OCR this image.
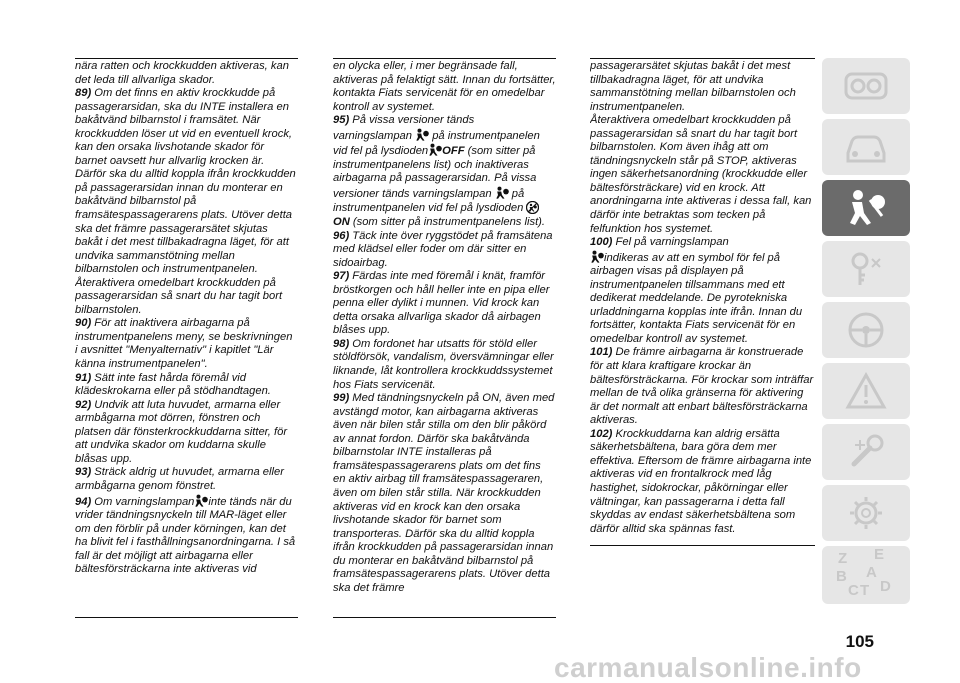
nära ratten och krockkudden aktiveras, kan det leda till allvarliga skador.

89) Om det finns en aktiv krockkudde på passagerarsidan, ska du INTE installera en bakåtvänd bilbarnstol i framsätet. När krockkudden löser ut vid en eventuell krock, kan den orsaka livshotande skador för barnet oavsett hur allvarlig krocken är. Därför ska du alltid koppla ifrån krockkudden på passagerarsidan innan du monterar en bakåtvänd bilbarnstol på framsätespassagerarens plats. Utöver detta ska det främre passagerarsätet skjutas bakåt i det mest tillbakadragna läget, för att undvika sammanstötning mellan bilbarnstolen och instrumentpanelen.

Återaktivera omedelbart krockkudden på passagerarsidan så snart du har tagit bort bilbarnstolen.

90) För att inaktivera airbagarna på instrumentpanelens meny, se beskrivningen i avsnittet "Menyalternativ" i kapitlet "Lär känna instrumentpanelen".

91) Sätt inte fast hårda föremål vid klädeskrokarna eller på stödhandtagen.

92) Undvik att luta huvudet, armarna eller armbågarna mot dörren, fönstren och platsen där fönsterkrockkuddarna sitter, för att undvika skador om kuddarna skulle blåsas upp.

93) Sträck aldrig ut huvudet, armarna eller armbågarna genom fönstret.

94) Om varningslampan inte tänds när du vrider tändningsnyckeln till MAR-läget eller om den förblir på under körningen, kan det ha blivit fel i fasthållningsanordningarna. I så fall är det möjligt att airbagarna eller bältesförsträckarna inte aktiveras vid

en olycka eller, i mer begränsade fall, aktiveras på felaktigt sätt. Innan du fortsätter, kontakta Fiats servicenät för en omedelbar kontroll av systemet.

95) På vissa versioner tänds varningslampan på instrumentpanelen vid fel på lysdioden OFF (som sitter på instrumentpanelens list) och inaktiveras airbagarna på passagerarsidan. På vissa versioner tänds varningslampan på instrumentpanelen vid fel på lysdioden

ON (som sitter på instrumentpanelens list).

96) Täck inte över ryggstödet på framsätena med klädsel eller foder om där sitter en sidoairbag.

97) Färdas inte med föremål i knät, framför bröstkorgen och håll heller inte en pipa eller penna eller dylikt i munnen. Vid krock kan detta orsaka allvarliga skador då airbagen blåses upp.

98) Om fordonet har utsatts för stöld eller stöldförsök, vandalism, översvämningar eller liknande, låt kontrollera krockkuddssystemet hos Fiats servicenät.

99) Med tändningsnyckeln på ON, även med avstängd motor, kan airbagarna aktiveras även när bilen står stilla om den blir påkörd av annat fordon. Därför ska bakåtvända bilbarnstolar INTE installeras på framsätespassagerarens plats om det fins en aktiv airbag till framsätespassageraren, även om bilen står stilla. När krockkudden aktiveras vid en krock kan den orsaka livshotande skador för barnet som transporteras. Därför ska du alltid koppla ifrån krockkudden på passagerarsidan innan du monterar en bakåtvänd bilbarnstol på framsätespassagerarens plats. Utöver detta ska det främre

passagerarsätet skjutas bakåt i det mest tillbakadragna läget, för att undvika sammanstötning mellan bilbarnstolen och instrumentpanelen.

Återaktivera omedelbart krockkudden på passagerarsidan så snart du har tagit bort bilbarnstolen. Kom även ihåg att om tändningsnyckeln står på STOP, aktiveras ingen säkerhetsanordning (krockkudde eller bältesförsträckare) vid en krock. Att anordningarna inte aktiveras i dessa fall, kan därför inte betraktas som tecken på felfunktion hos systemet.

100) Fel på varningslampan

indikeras av att en symbol för fel på airbagen visas på displayen på instrumentpanelen tillsammans med ett dedikerat meddelande. De pyrotekniska urladdningarna kopplas inte ifrån. Innan du fortsätter, kontakta Fiats servicenät för en omedelbar kontroll av systemet.

101) De främre airbagarna är konstruerade för att klara kraftigare krockar än bältesförsträckarna. För krockar som inträffar mellan de två olika gränserna för aktivering är det normalt att enbart bältesförsträckarna aktiveras.

102) Krockkuddarna kan aldrig ersätta säkerhetsbältena, bara göra dem mer effektiva. Eftersom de främre airbagarna inte aktiveras vid en frontalkrock med låg hastighet, sidokrockar, påkörningar eller vältningar, kan passagerarna i detta fall skyddas av endast säkerhetsbältena som därför alltid ska spännas fast.

Z E
B A
C T D
105
carmanualsonline.info
